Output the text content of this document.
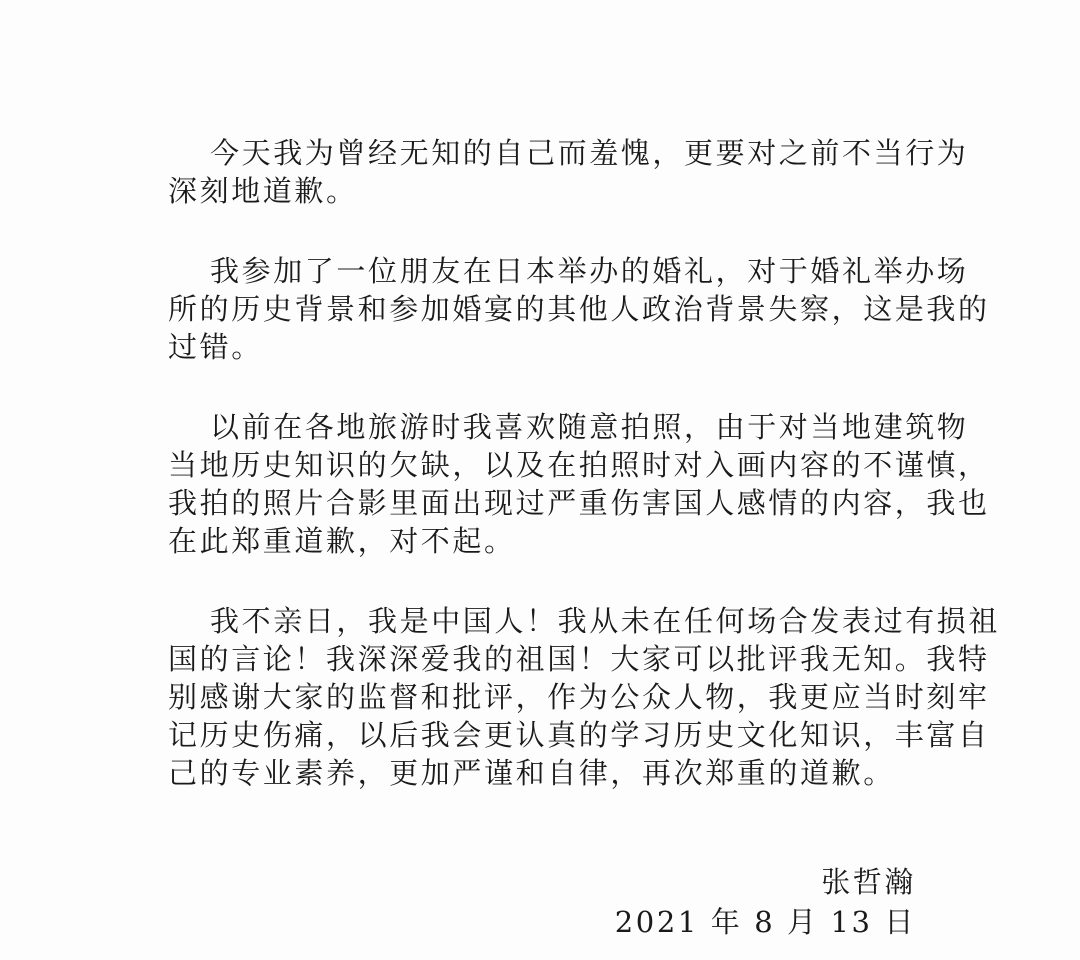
今天我为曾经无知的自己而羞愧，更要对之前不当行为
深刻地道歉。
我参加了一位朋友在日本举办的婚礼，对于婚礼举办场
所的历史背景和参加婚宴的其他人政治背景失察，这是我的
过错。
以前在各地旅游时我喜欢随意拍照，由于对当地建筑物
当地历史知识的欠缺，以及在拍照时对入画内容的不谨慎，
我拍的照片合影里面出现过严重伤害国人感情的内容，我也
在此郑重道歉，对不起。
我不亲日，我是中国人！我从未在任何场合发表过有损祖
国的言论！我深深爱我的祖国！大家可以批评我无知。我特
别感谢大家的监督和批评，作为公众人物，我更应当时刻牢
记历史伤痛，以后我会更认真的学习历史文化知识，丰富自
己的专业素养，更加严谨和自律，再次郑重的道歉。
张哲瀚
2021 年 8 月 13 日
